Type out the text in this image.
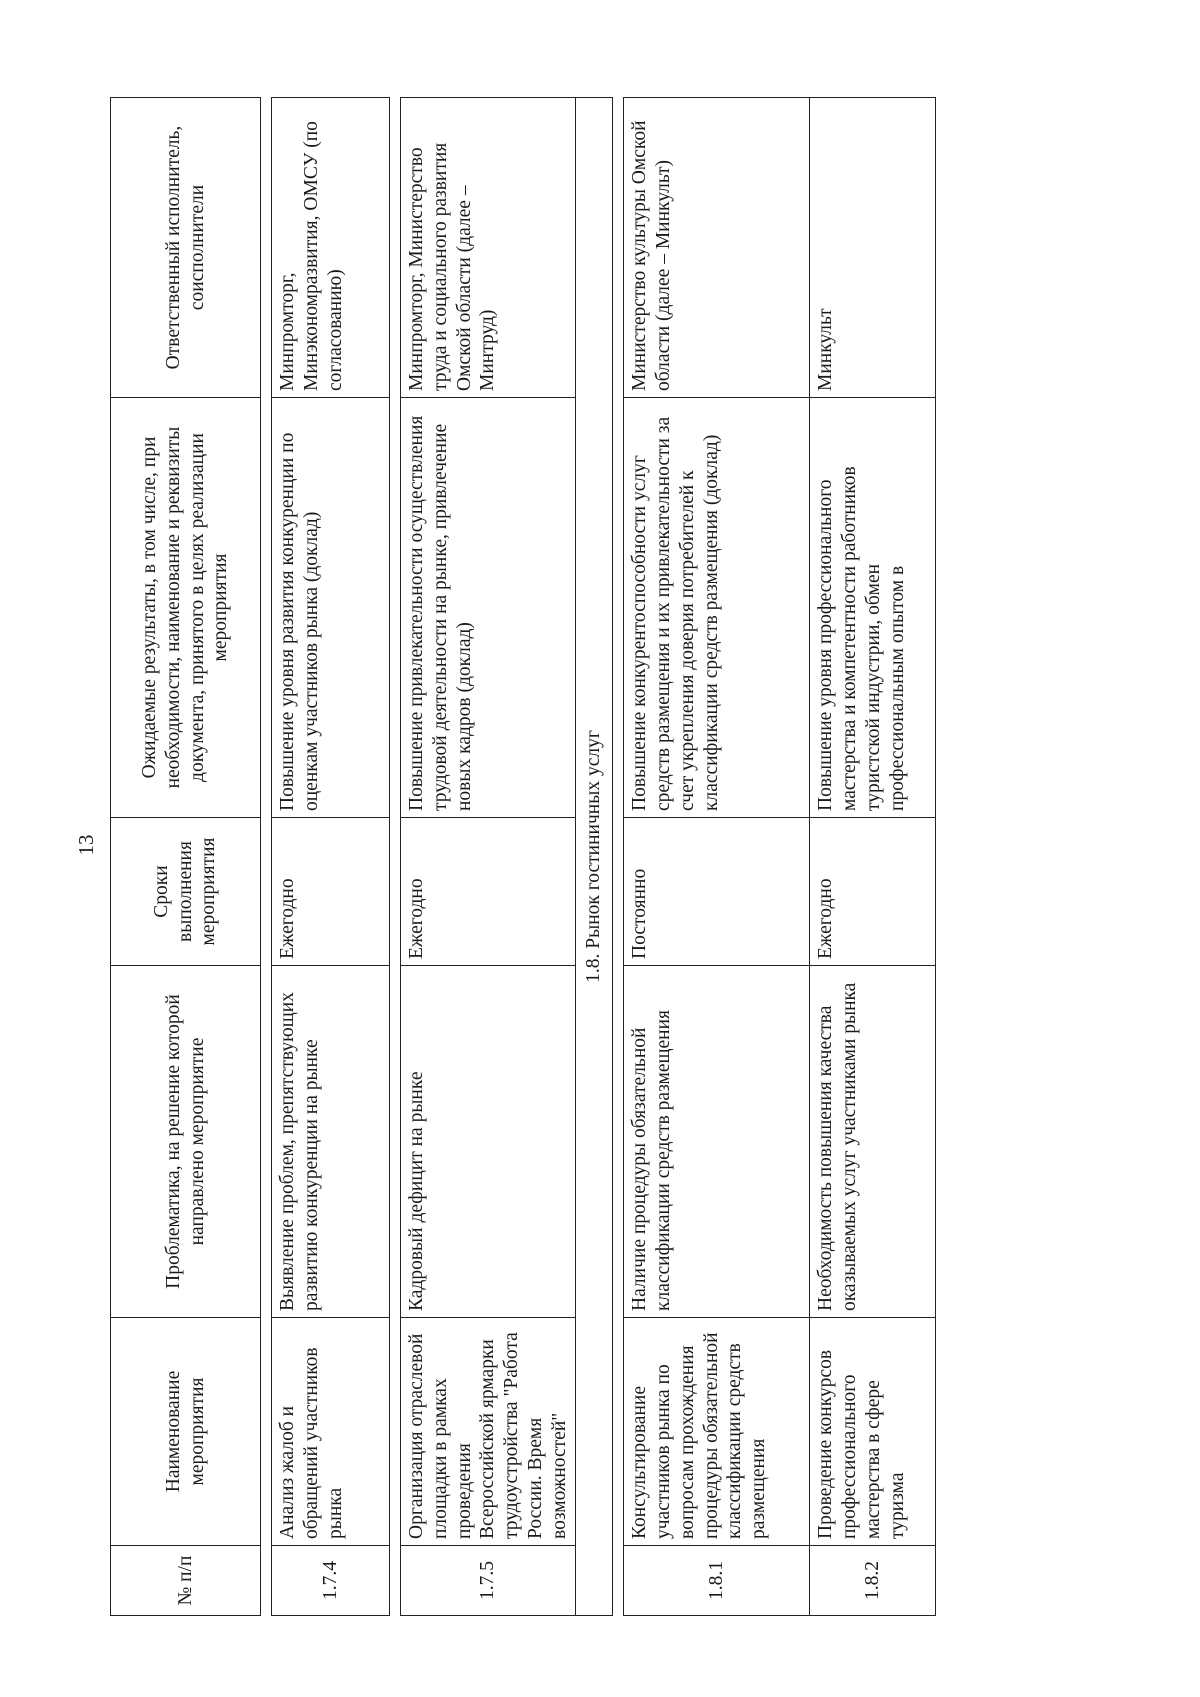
13
№ п/п	Наименование мероприятия	Проблематика, на решение которой направлено мероприятие	Сроки выполнения мероприятия	Ожидаемые результаты, в том числе, при необходимости, наименование и реквизиты документа, принятого в целях реализации мероприятия	Ответственный исполнитель, соисполнители

1.7.4	Анализ жалоб и обращений участников рынка	Выявление проблем, препятствующих развитию конкуренции на рынке	Ежегодно	Повышение уровня развития конкуренции по оценкам участников рынка (доклад)	Минпромторг, Минэкономразвития, ОМСУ (по согласованию)

1.7.5	Организация отраслевой площадки в рамках проведения Всероссийской ярмарки трудоустройства "Работа России. Время возможностей"	Кадровый дефицит на рынке	Ежегодно	Повышение привлекательности осуществления трудовой деятельности на рынке, привлечение новых кадров (доклад)	Минпромторг, Министерство труда и социального развития Омской области (далее – Минтруд)
1.8. Рынок гостиничных услуг					

1.8.1	Консультирование участников рынка по вопросам прохождения процедуры обязательной классификации средств размещения	Наличие процедуры обязательной классификации средств размещения	Постоянно	Повышение конкурентоспособности услуг средств размещения и их привлекательности за счет укрепления доверия потребителей к классификации средств размещения (доклад)	Министерство культуры Омской области (далее – Минкульт)
1.8.2	Проведение конкурсов профессионального мастерства в сфере туризма	Необходимость повышения качества оказываемых услуг участниками рынка	Ежегодно	Повышение уровня профессионального мастерства и компетентности работников туристской индустрии, обмен профессиональным опытом в	Минкульт
